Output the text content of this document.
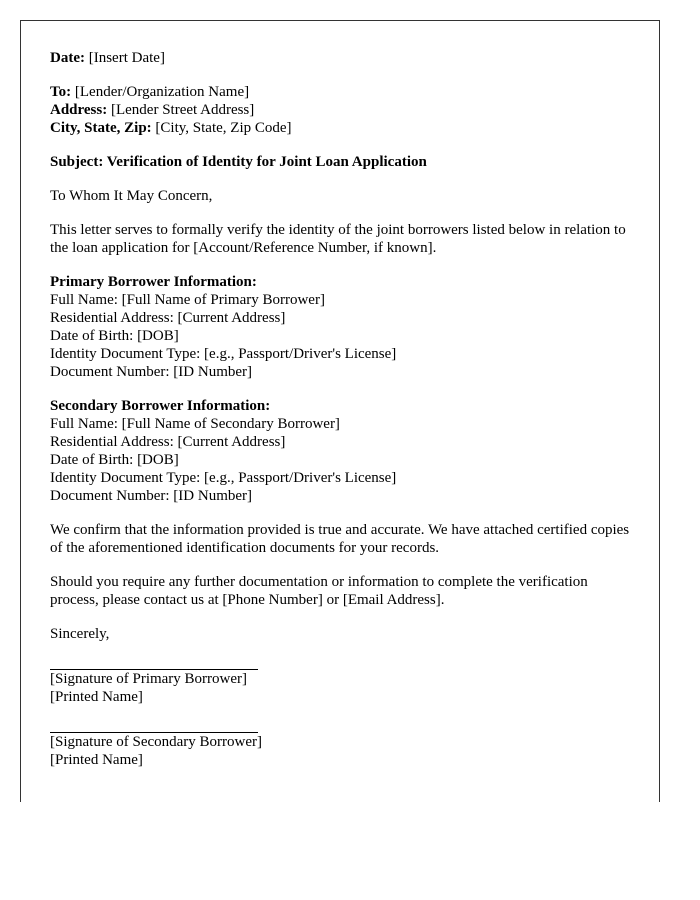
Date: [Insert Date]
To: [Lender/Organization Name]
Address: [Lender Street Address]
City, State, Zip: [City, State, Zip Code]
Subject: Verification of Identity for Joint Loan Application
To Whom It May Concern,
This letter serves to formally verify the identity of the joint borrowers listed below in relation to the loan application for [Account/Reference Number, if known].
Primary Borrower Information:
Full Name: [Full Name of Primary Borrower]
Residential Address: [Current Address]
Date of Birth: [DOB]
Identity Document Type: [e.g., Passport/Driver's License]
Document Number: [ID Number]
Secondary Borrower Information:
Full Name: [Full Name of Secondary Borrower]
Residential Address: [Current Address]
Date of Birth: [DOB]
Identity Document Type: [e.g., Passport/Driver's License]
Document Number: [ID Number]
We confirm that the information provided is true and accurate. We have attached certified copies of the aforementioned identification documents for your records.
Should you require any further documentation or information to complete the verification process, please contact us at [Phone Number] or [Email Address].
Sincerely,
[Signature of Primary Borrower]
[Printed Name]
[Signature of Secondary Borrower]
[Printed Name]
